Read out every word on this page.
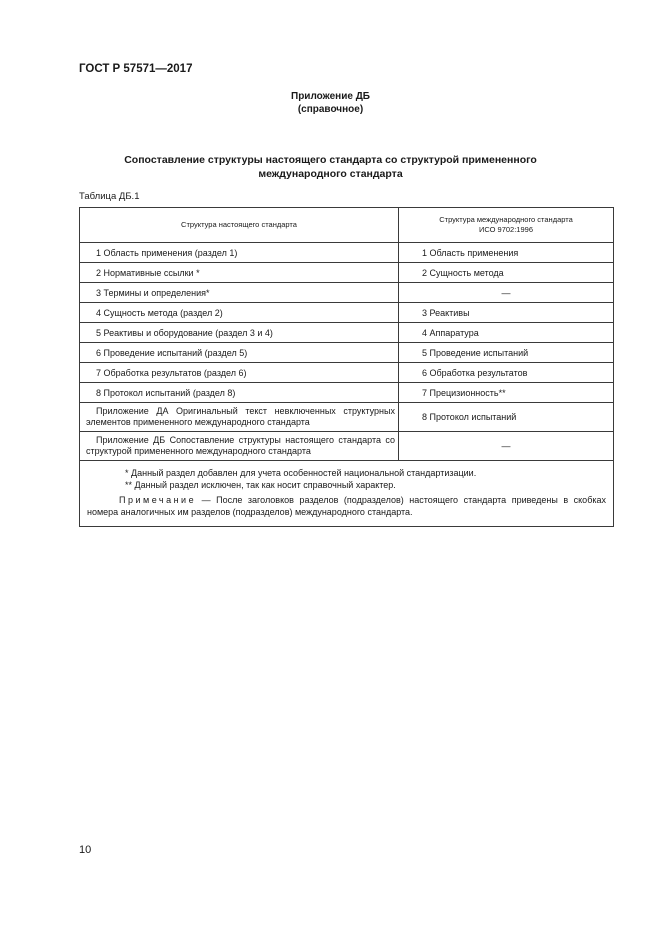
ГОСТ Р 57571—2017
Приложение ДБ
(справочное)
Сопоставление структуры настоящего стандарта со структурой примененного
международного стандарта
Таблица ДБ.1
Структура настоящего стандарта	Структура международного стандарта
ИСО 9702:1996

1 Область применения (раздел 1)	1 Область применения
2 Нормативные ссылки *	2 Сущность метода
3 Термины и определения*	—
4 Сущность метода (раздел 2)	3 Реактивы
5 Реактивы и оборудование (раздел 3 и 4)	4 Аппаратура
6 Проведение испытаний (раздел 5)	5 Проведение испытаний
7 Обработка результатов (раздел 6)	6 Обработка результатов
8 Протокол испытаний (раздел 8)	7 Прецизионность**
Приложение ДА Оригинальный текст невключенных структурных элементов примененного международного стандарта	8 Протокол испытаний
Приложение ДБ Сопоставление структуры настоящего стандарта со структурой примененного международного стандарта	—

* Данный раздел добавлен для учета особенностей национальной стандартизации.
** Данный раздел исключен, так как носит справочный характер.
Примечание — После заголовков разделов (подразделов) настоящего стандарта приведены в скобках номера аналогичных им разделов (подразделов) международного стандарта.	
10
